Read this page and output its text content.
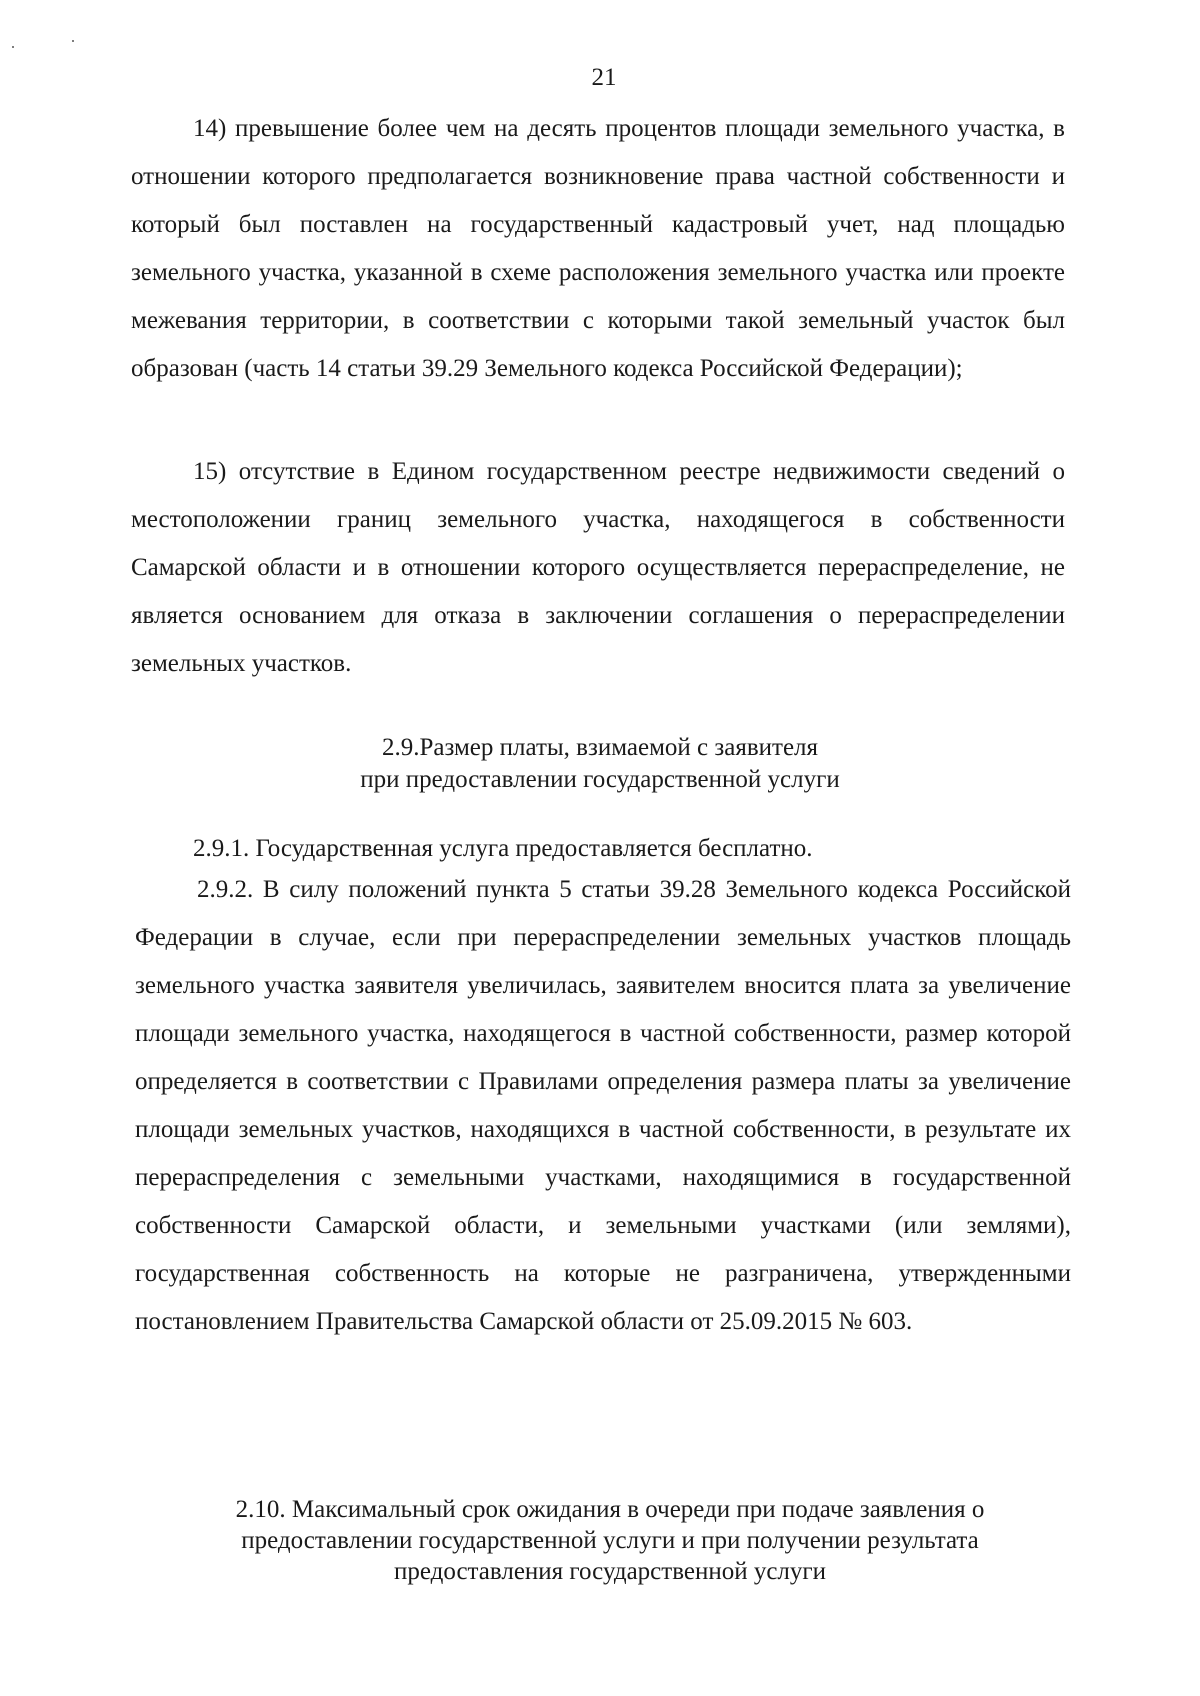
21

14) превышение более чем на десять процентов площади земельного участка, в отношении которого предполагается возникновение права частной собственности и который был поставлен на государственный кадастровый учет, над площадью земельного участка, указанной в схеме расположения земельного участка или проекте межевания территории, в соответствии с которыми такой земельный участок был образован (часть 14 статьи 39.29 Земельного кодекса Российской Федерации);

15) отсутствие в Едином государственном реестре недвижимости сведений о местоположении границ земельного участка, находящегося в собственности Самарской области и в отношении которого осуществляется перераспределение, не является основанием для отказа в заключении соглашения о перераспределении земельных участков.

2.9.Размер платы, взимаемой с заявителя
при предоставлении государственной услуги

2.9.1. Государственная услуга предоставляется бесплатно.

2.9.2. В силу положений пункта 5 статьи 39.28 Земельного кодекса Российской Федерации в случае, если при перераспределении земельных участков площадь земельного участка заявителя увеличилась, заявителем вносится плата за увеличение площади земельного участка, находящегося в частной собственности, размер которой определяется в соответствии с Правилами определения размера платы за увеличение площади земельных участков, находящихся в частной собственности, в результате их перераспределения с земельными участками, находящимися в государственной собственности Самарской области, и земельными участками (или землями), государственная собственность на которые не разграничена, утвержденными постановлением Правительства Самарской области от 25.09.2015 № 603.

2.10. Максимальный срок ожидания в очереди при подаче заявления о
предоставлении государственной услуги и при получении результата
предоставления государственной услуги
